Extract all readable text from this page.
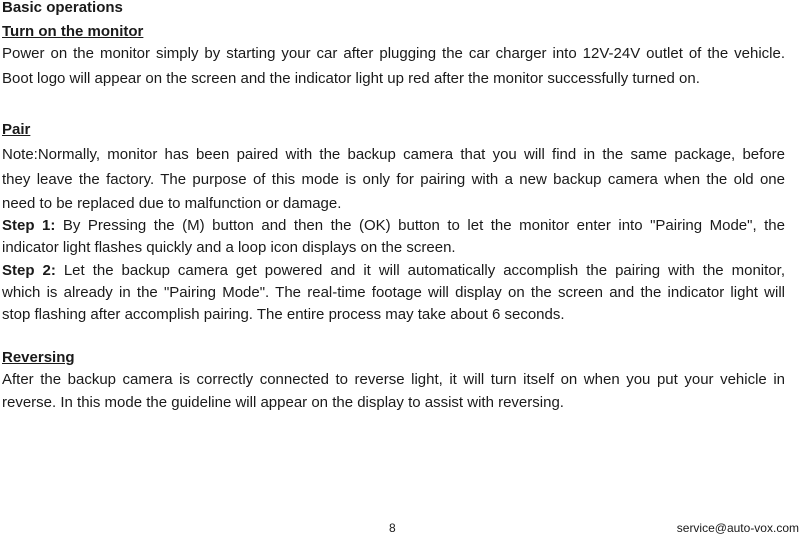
Basic operations
Turn on the monitor
Power on the monitor simply by starting your car after plugging the car charger into 12V-24V outlet of the vehicle.
Boot logo will appear on the screen and the indicator light up red after the monitor successfully turned on.
Pair
Note:Normally, monitor has been paired with the backup camera that you will find in the same package, before
they leave the factory. The purpose of this mode is only for pairing with a new backup camera when the old one
need to be replaced due to malfunction or damage.
Step 1: By Pressing the (M) button and then the (OK) button to let the monitor enter into "Pairing Mode", the
indicator light flashes quickly and a loop icon displays on the screen.
Step 2: Let the backup camera get powered and it will automatically accomplish the pairing with the monitor,
which is already in the "Pairing Mode". The real-time footage will display on the screen and the indicator light will
stop flashing after accomplish pairing. The entire process may take about 6 seconds.
Reversing
After the backup camera is correctly connected to reverse light, it will turn itself on when you put your vehicle in
reverse. In this mode the guideline will appear on the display to assist with reversing.
8	service@auto-vox.com
